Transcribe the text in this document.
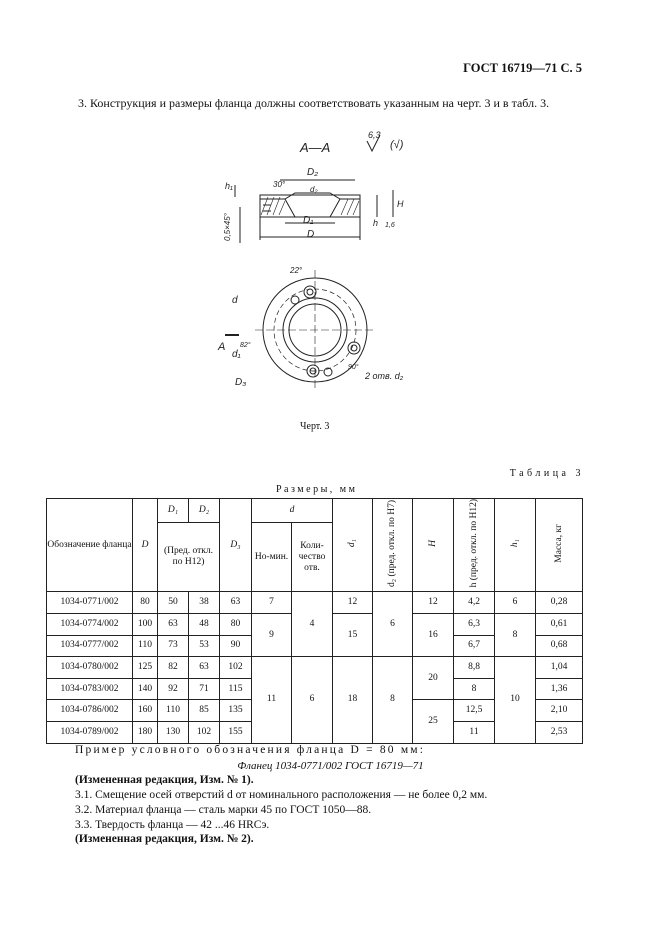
ГОСТ 16719—71 С. 5
3. Конструкция и размеры фланца должны соответствовать указанным на черт. 3 и в табл. 3.
A—A
6,3
(√)
D₂
D₁
D
30°
d₂
h₁
0,5×45°	h
H
1,6
22°
d
A
d₁
D₃
2 отв. d₂
82°
90°
Черт. 3
Таблица 3
Размеры, мм
Обозначение фланца	D	D₁	D₂	D₃	d		d₁	d₂ (пред. откл. по H7)	H	h (пред. откл. по H12)	h₁	Масса, кг
		(Пред. откл. по H12)			Но-мин.	Коли-чество отв.						

1034-0771/002	80	50	38	63	7	4	12	6	12	4,2	6	0,28
1034-0774/002	100	63	48	80	9		15		16	6,3	8	0,61
1034-0777/002	110	73	53	90						6,7		0,68
1034-0780/002	125	82	63	102	11	6	18	8	20	8,8	10	1,04
1034-0783/002	140	92	71	115						8		1,36
1034-0786/002	160	110	85	135					25	12,5		2,10
1034-0789/002	180	130	102	155						11		2,53
Пример условного обозначения фланца D = 80 мм:
Фланец 1034-0771/002 ГОСТ 16719—71
(Измененная редакция, Изм. № 1).
3.1. Смещение осей отверстий d от номинального расположения — не более 0,2 мм.
3.2. Материал фланца — сталь марки 45 по ГОСТ 1050—88.
3.3. Твердость фланца — 42 ...46 HRCэ.
(Измененная редакция, Изм. № 2).
